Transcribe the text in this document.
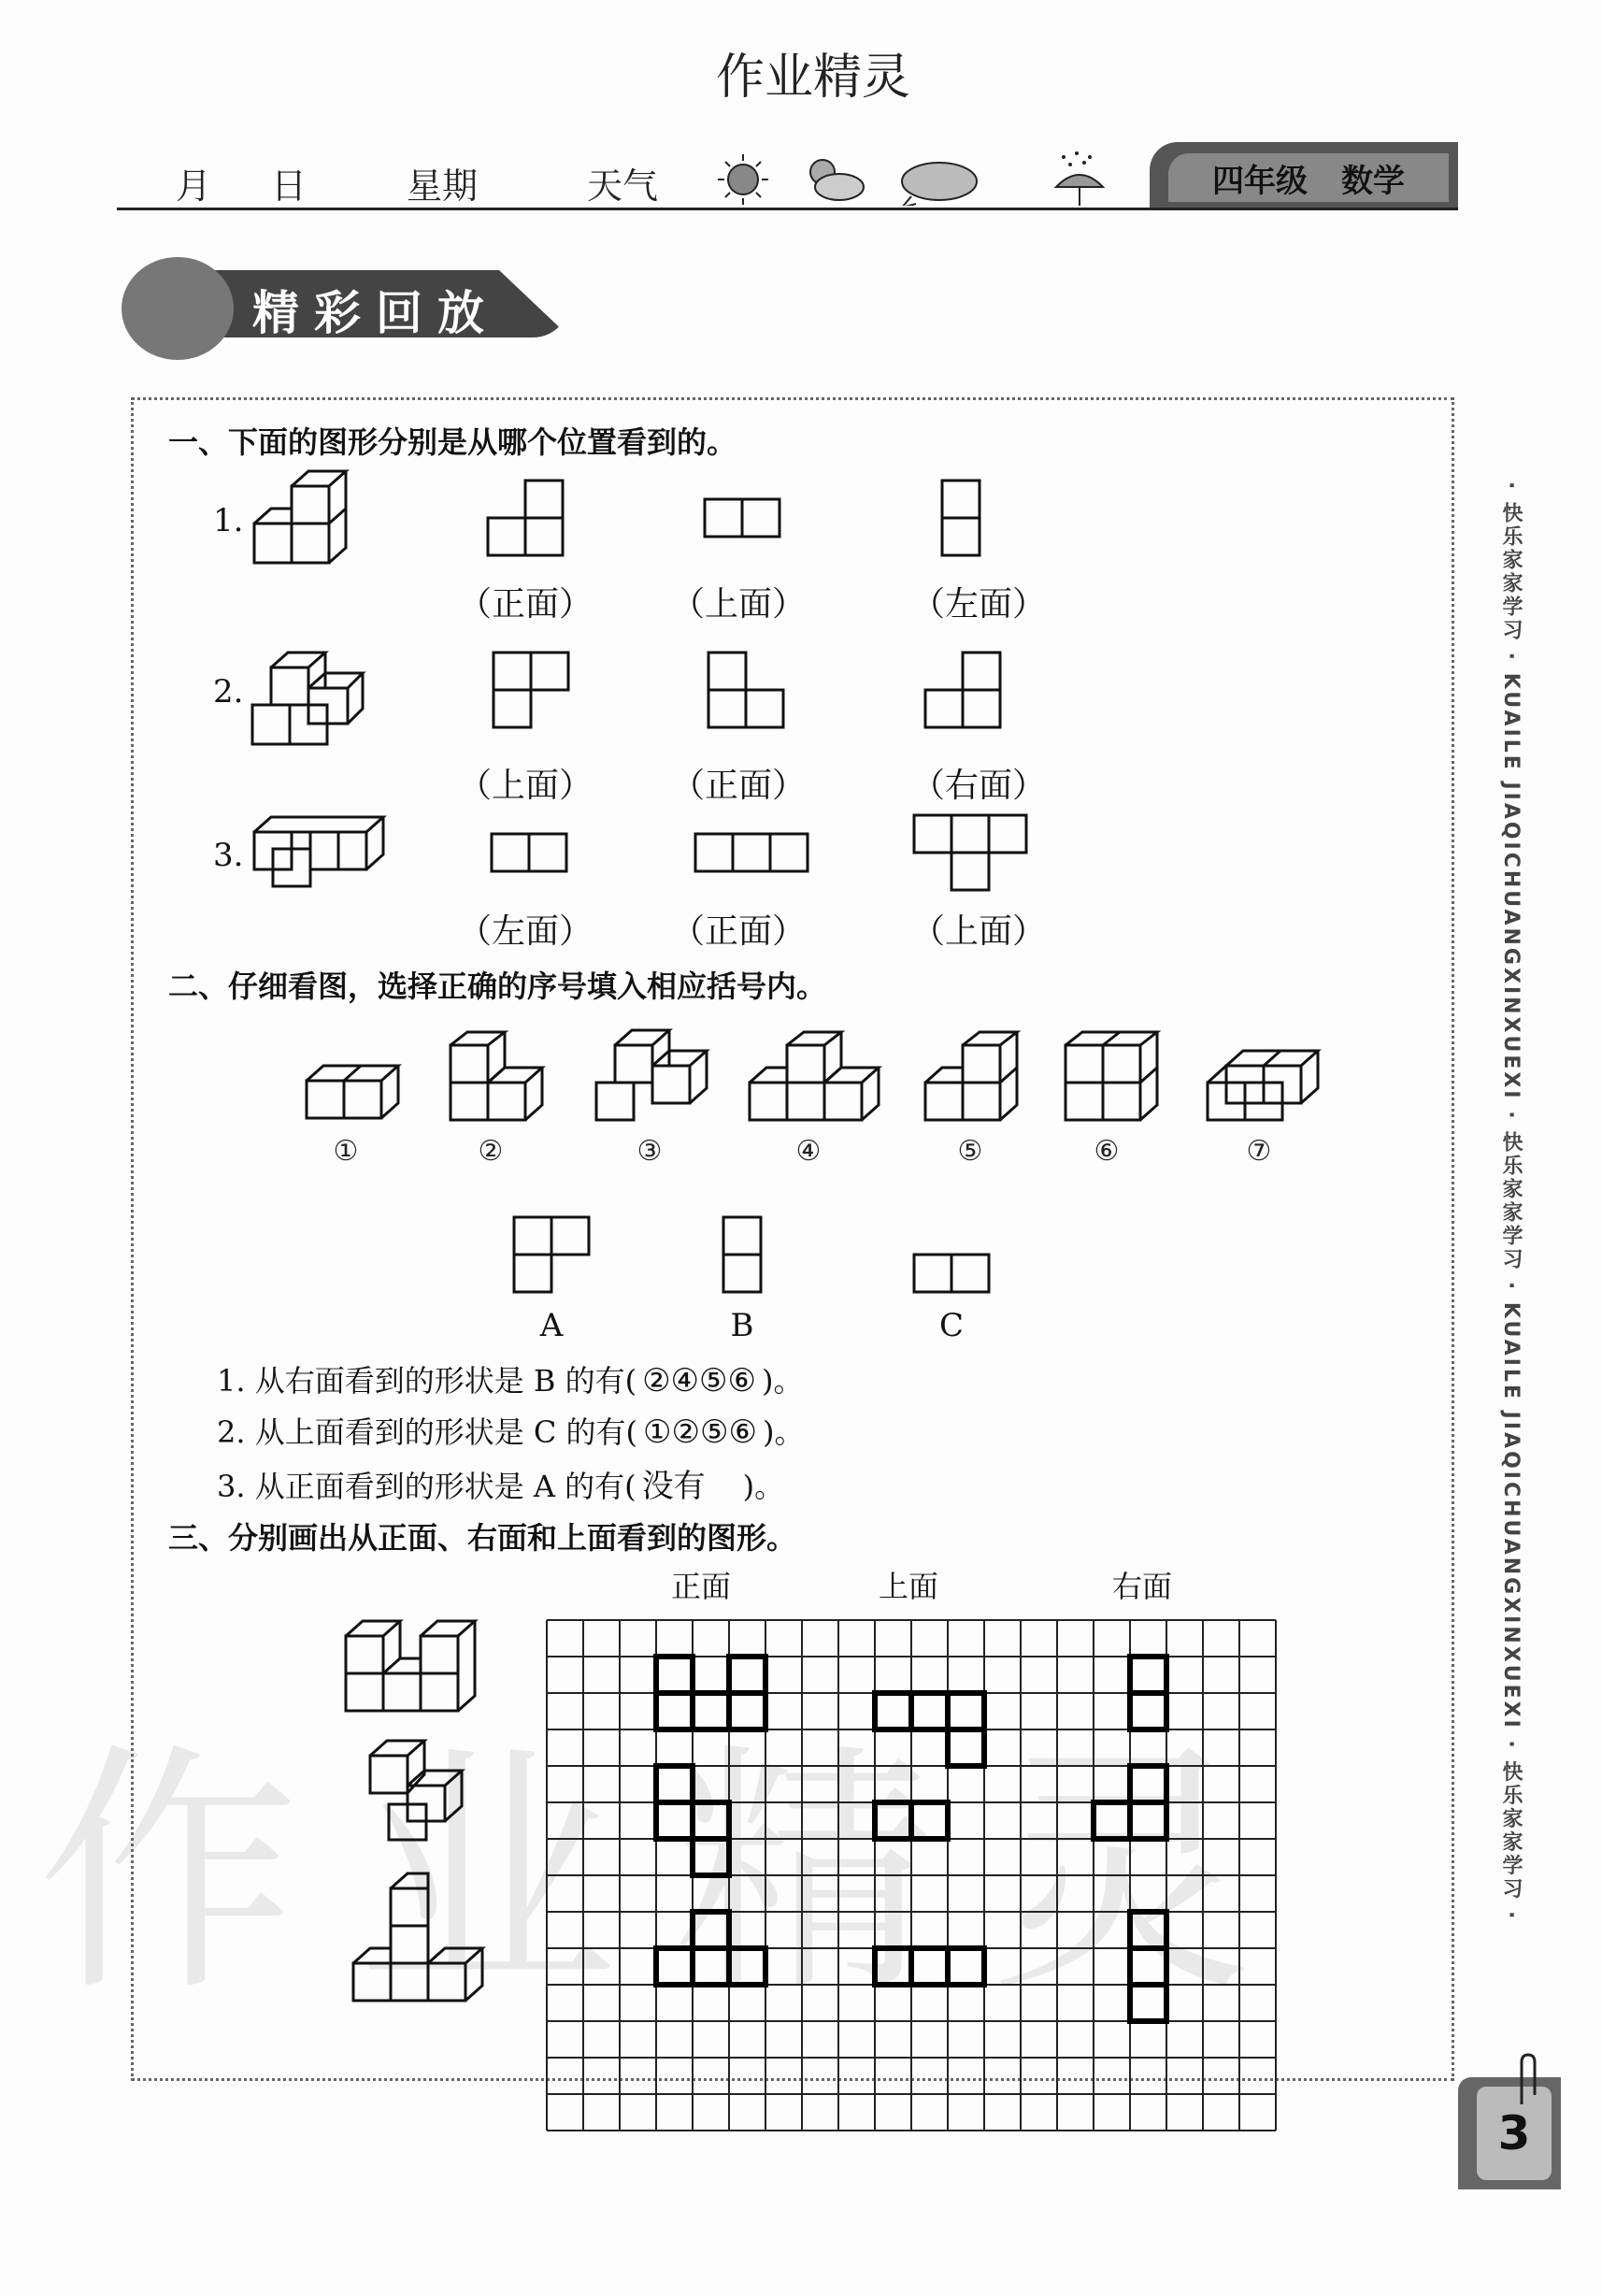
作业精灵
月 日	星期	天气	四年级 数学
精彩回放
作业精灵
一、下面的图形分别是从哪个位置看到的。
1.
2.
3.
（正面） （上面）	（左面）
（上面） （正面）	（右面）
（左面） （正面）	（上面）
二、仔细看图，选择正确的序号填入相应括号内。
①	②	③	④	⑤	⑥	⑦
A	B	C
1. 从右面看到的形状是 B 的有( ②④⑤⑥ )。
2. 从上面看到的形状是 C 的有( ①②⑤⑥ )。
3. 从正面看到的形状是 A 的有( 没有 )。
三、分别画出从正面、右面和上面看到的图形。
正面	上面	右面	· 快乐家家学习 · KUAILE JIAQICHUANGXINXUEXI · 快乐家家学习 · KUAILE JIAQICHUANGXINXUEXI · 快乐家家学习 ·
3
